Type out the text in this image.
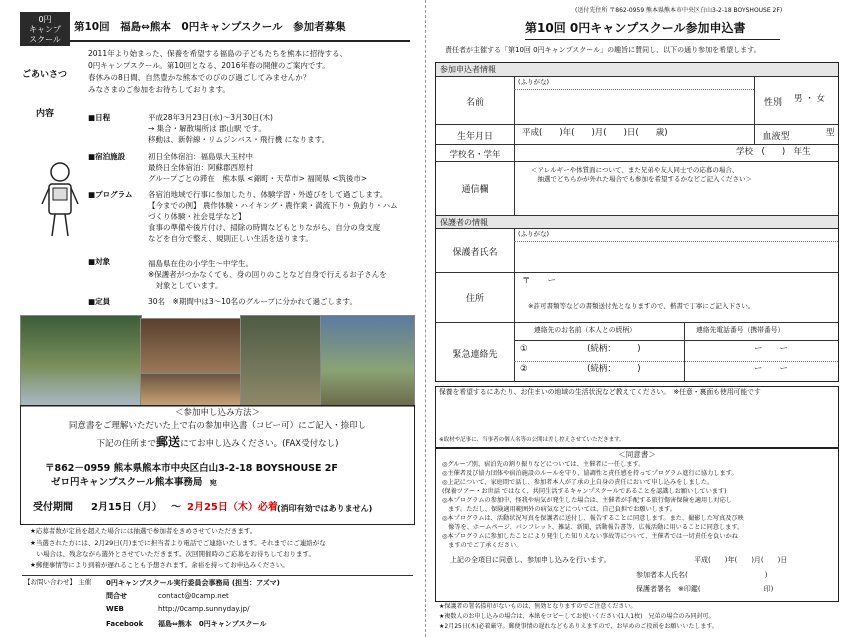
0円
キャンプ
スクール
第10回　福島⇔熊本　0円キャンプスクール　参加者募集
ごあいさつ
2011年より始まった、保養を希望する福島の子どもたちを熊本に招待する、
0円キャンプスクール。第10回となる、2016年春の開催のご案内です。
春休みの8日間、自然豊かな熊本でのびのび過ごしてみませんか？
みなさまのご参加をお待ちしております。
内容	■日程	平成28年3月23日(水)〜3月30日(木)
→ 集合・解散場所は 郡山駅 です。
移動は、新幹線・リムジンバス・飛行機 になります。
■宿泊施設	初日全体宿泊：福島県大玉村中
最終日全体宿泊：阿蘇郡西原村
グループごとの滞在　熊本県 <錦町・天草市> 福岡県 <筑後市>
■プログラム 各宿泊地域で行事に参加したり、体験学習・外遊びをして過ごします。
【今までの例】 農作体験・ハイキング・農作業・満流下り・魚釣り・ハム
づくり体験・社会見学など】
食事の準備や後片付け、掃除の時間などもとりながら、自分の身支度
などを自分で整え、規則正しい生活を送ります。
■対象	福島県在住の小学生〜中学生。
※保護者がつかなくても、身の回りのことなど自身で行えるお子さんを
　対象としています。
■定員	30名　※期間中は3〜10名のグループに分かれて過ごします。
＜参加申し込み方法＞
同意書をご理解いただいた上で右の参加申込書（コピー可）にご記入・捺印し
下記の住所まで郵送にてお申し込みください。(FAX受付なし)
〒862－0959 熊本県熊本市中央区白山3-2-18 BOYSHOUSE 2F
ゼロ円キャンプスクール熊本事務局 宛
受付期間 2月15日（月） 〜 2月25日（木）必着 (消印有効ではありません)
★応募者数が定員を超えた場合には抽選で参加者をきめさせていただきます。
★当選された方には、2月29日(月)までに担当者より電話でご連絡いたします。それまでにご連絡がな
　い場合は、残念ながら選外とさせていただきます。次回開催時のご応募をお待ちしております。
★郵便事情等により到着が遅れることも予想されます。余裕を持ってお申込みください。
【お問い合わせ】 主催 0円キャンプスクール実行委員会事務局 (担当：アズマ)
問合せ	contact@0camp.net
WEB	http://0camp.sunnyday.jp/
Facebook 福島⇔熊本　0円キャンプスクール
(送付先住所 〒862-0959 熊本県熊本市中央区白山3-2-18 BOYSHOUSE 2F)
第10回 0円キャンプスクール参加申込書
責任者が主催する「第10回 0円キャンプスクール」の趣旨に賛同し、以下の通り参加を希望します。
参加申込者情報
名前
(ふりがな)
性別	男 ・ 女
生年月日	平成(　　)年(　　)月(　　)日(　　歳)	血液型	型
学校名・学年	学校　(　　)　年生
通信欄
＜アレルギーや体質面について、また兄弟や友人同士での応募の場合、
　抽選でどちらかが外れた場合でも参加を希望するかなどご記入ください＞
保護者の情報
保護者氏名
(ふりがな)
住所
〒　　ー
※許可書類等などの書類送付先となりますので、楷書で丁寧にご記入下さい。
緊急連絡先
連絡先のお名前（本人との続柄）	連絡先電話番号（携帯番号）
①　　　　　　　(続柄：　　　)	ー　　ー
②　　　　　　　(続柄：　　　)	ー　　ー
保養を希望するにあたり、お住まいの地域の生活状況など教えてください。　※任意・裏面も使用可能です
※取材や記事に、当事者の個人名等の公開は差し控えさせていただきます。
＜同意書＞
◎グループ別、宿泊先の割り振りなどについては、主催者に一任します。
◎主催者及び協力団体や宿泊施設のルールを守り、協調性と責任感を持ってプログラム進行に協力します。
◎上記について、家庭間で話し、参加者本人が了承の上自身の責任において申し込みをしました。
(保養ツアー・お世話 ではなく、共同生活するキャンプスクールであることを認識しお願いしています)
◎本プログラムの参加中、怪我や病気が発生した場合は、主催者が手配する旅行傷害保険を適用し対応し
　ます。ただし、保険適用範囲外の病気などについては、自己負担でお願いします。
◎本プログラムは、活動状況写真を保護者に送付し、報告することに同意します。また、撮影した写真及び映
　像等を、ホームページ、パンフレット、雑誌、新聞、活動報告書等、広報活動に用いることに同意します。
◎本プログラムに参加したことにより発生した知りえない事故等について、主催者では一切責任を負いかね
　ますのでご了承ください。
上記の全項目に同意し、参加申し込みを行います。	平成(　　)年(　　)月(　　)日
参加者本人氏名(　　　　　　　　　　　)
保護者署名　※印鑑(　　　　　　　　　印)
★保護者の署名捺印がないものは、無効となりますのでご注意ください。
★複数人のお申し込みの場合は、本紙をコピーしてお使いください(1人1枚)　兄弟の場合のみ同封可。
★2月25日(木)必着厳守。郵便事情の遅れなどもありえますので、お早めのご投函をお願いいたします。
